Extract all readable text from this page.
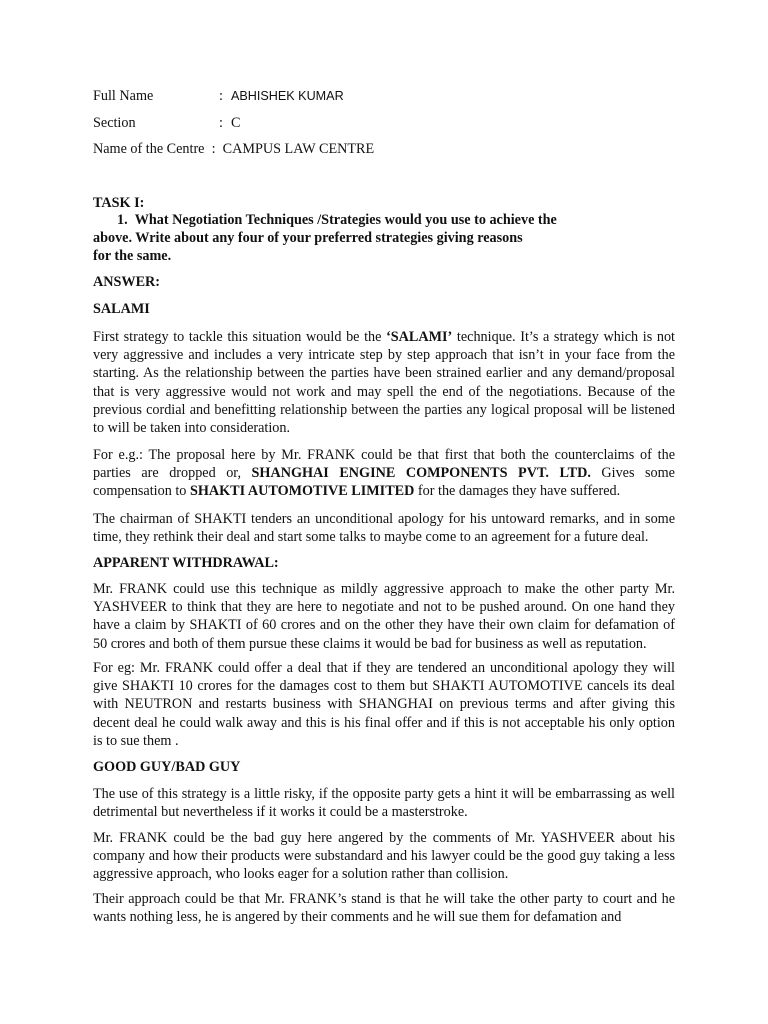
Full Name	: ABHISHEK KUMAR
Section	: C
Name of the Centre : CAMPUS LAW CENTRE
TASK I:
1. What Negotiation Techniques /Strategies would you use to achieve the
above. Write about any four of your preferred strategies giving reasons
for the same.
ANSWER:
SALAMI

First strategy to tackle this situation would be the ‘SALAMI’ technique. It’s a strategy which is not very aggressive and includes a very intricate step by step approach that isn’t in your face from the starting. As the relationship between the parties have been strained earlier and any demand/proposal that is very aggressive would not work and may spell the end of the negotiations. Because of the previous cordial and benefitting relationship between the parties any logical proposal will be listened to will be taken into consideration.

For e.g.: The proposal here by Mr. FRANK could be that first that both the counterclaims of the parties are dropped or, SHANGHAI ENGINE COMPONENTS PVT. LTD. Gives some compensation to SHAKTI AUTOMOTIVE LIMITED for the damages they have suffered.

The chairman of SHAKTI tenders an unconditional apology for his untoward remarks, and in some time, they rethink their deal and start some talks to maybe come to an agreement for a future deal.

APPARENT WITHDRAWAL:

Mr. FRANK could use this technique as mildly aggressive approach to make the other party Mr. YASHVEER to think that they are here to negotiate and not to be pushed around. On one hand they have a claim by SHAKTI of 60 crores and on the other they have their own claim for defamation of 50 crores and both of them pursue these claims it would be bad for business as well as reputation.

For eg: Mr. FRANK could offer a deal that if they are tendered an unconditional apology they will give SHAKTI 10 crores for the damages cost to them but SHAKTI AUTOMOTIVE cancels its deal with NEUTRON and restarts business with SHANGHAI on previous terms and after giving this decent deal he could walk away and this is his final offer and if this is not acceptable his only option is to sue them .

GOOD GUY/BAD GUY

The use of this strategy is a little risky, if the opposite party gets a hint it will be embarrassing as well detrimental but nevertheless if it works it could be a masterstroke.

Mr. FRANK could be the bad guy here angered by the comments of Mr. YASHVEER about his company and how their products were substandard and his lawyer could be the good guy taking a less aggressive approach, who looks eager for a solution rather than collision.

Their approach could be that Mr. FRANK’s stand is that he will take the other party to court and he wants nothing less, he is angered by their comments and he will sue them for defamation and
